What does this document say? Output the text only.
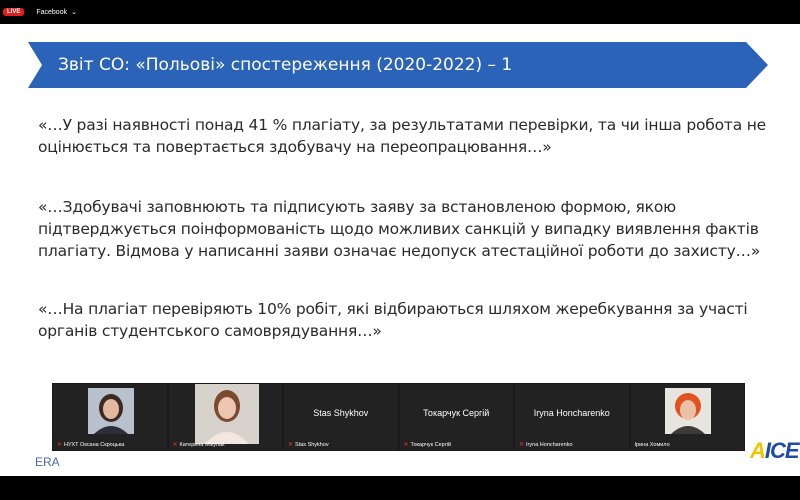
LIVE	Facebook ⌄
Звіт СО: «Польові» спостереження (2020-2022) – 1
«…У разі наявності понад 41 % плагіату, за результатами перевірки, та чи інша робота не оцінюється та повертається здобувачу на переопрацювання…»
«…Здобувачі заповнюють та підписують заяву за встановленою формою, якою підтверджується поінформованість щодо можливих санкцій у випадку виявлення фактів плагіату. Відмова у написанні заяви означає недопуск атестаційної роботи до захисту…»
«…На плагіат перевіряють 10% робіт, які відбираються шляхом жеребкування за участі органів студентського самоврядування…»
ERA	AICE
✕ НУХТ Оксана Скроцька	✕ Катерина Мікулак
Stas Shykhov
✕ Stas Shykhov
Токарчук Сергій
✕ Токарчук Сергій
Iryna Honcharenko
✕ Iryna Honcharenko	Ірина Хомило
